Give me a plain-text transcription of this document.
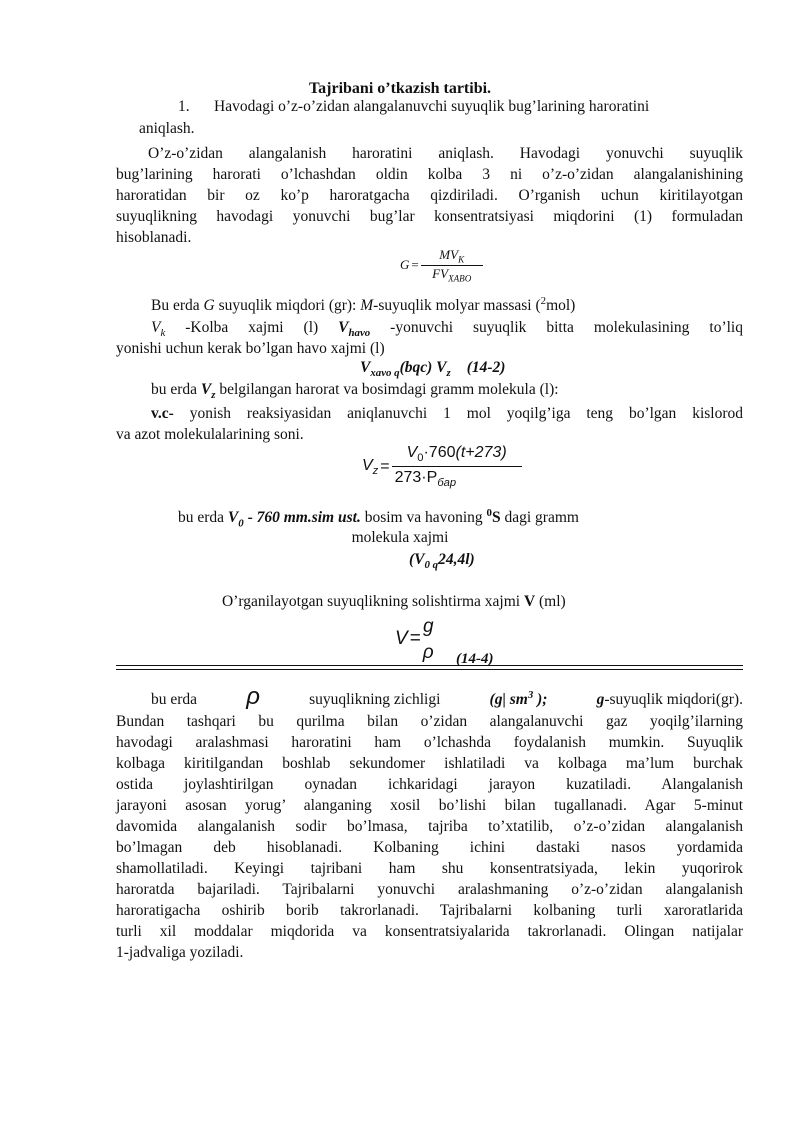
Tajribani o’tkazish tartibi.
1. Havodagi o’z-o’zidan alangalanuvchi suyuqlik bug’larining haroratini
aniqlash.
O’z-o’zidan alangalanish haroratini aniqlash. Havodagi yonuvchi suyuqlik
bug’larining harorati o’lchashdan oldin kolba 3 ni o’z-o’zidan alangalanishining
haroratidan bir oz ko’p haroratgacha qizdiriladi. O’rganish uchun kiritilayotgan
suyuqlikning havodagi yonuvchi bug’lar konsentratsiyasi miqdorini (1) formuladan
hisoblanadi.
$G = \frac{MV_K}{FV_{XABO}}$
Bu erda G suyuqlik miqdori (gr): M-suyuqlik molyar massasi ($^2$mol)
$V_k$ -Kolba xajmi (l) $V_{havo}$ -yonuvchi suyuqlik bitta molekulasining to’liq
yonishi uchun kerak bo’lgan havo xajmi (l)
$V_{xavo q}(bqc)$ $V_z$ (14-2)
bu erda $V_z$ belgilangan harorat va bosimdagi gramm molekula (l):
v.c- yonish reaksiyasidan aniqlanuvchi 1 mol yoqilg’iga teng bo’lgan kislorod
va azot molekulalarining soni.
$V_z = \frac{V_0\cdot 760(t+273)}{273\cdot P_{бap}}$
bu erda $V_0 - 760$ mm.sim ust. bosim va havoning $^0$S dagi gramm
molekula xajmi
$(V_{0 q}24,4l)$
O’rganilayotgan suyuqlikning solishtirma xajmi V (ml)
V =
g
ρ (14-4)
bu erda ρ	suyuqlikning zichligi	(g| $sm^3$ );	g-suyuqlik miqdori(gr).
Bundan tashqari bu qurilma bilan o’zidan alangalanuvchi gaz yoqilg’ilarning
havodagi aralashmasi haroratini ham o’lchashda foydalanish mumkin. Suyuqlik
kolbaga kiritilgandan boshlab sekundomer ishlatiladi va kolbaga ma’lum burchak
ostida joylashtirilgan oynadan ichkaridagi jarayon kuzatiladi. Alangalanish
jarayoni asosan yorug’ alanganing xosil bo’lishi bilan tugallanadi. Agar 5-minut
davomida alangalanish sodir bo’lmasa, tajriba to’xtatilib, o’z-o’zidan alangalanish
bo’lmagan deb hisoblanadi. Kolbaning ichini dastaki nasos yordamida
shamollatiladi. Keyingi tajribani ham shu konsentratsiyada, lekin yuqorirok
haroratda bajariladi. Tajribalarni yonuvchi aralashmaning o’z-o’zidan alangalanish
haroratigacha oshirib borib takrorlanadi. Tajribalarni kolbaning turli xaroratlarida
turli xil moddalar miqdorida va konsentratsiyalarida takrorlanadi. Olingan natijalar
1-jadvaliga yoziladi.
